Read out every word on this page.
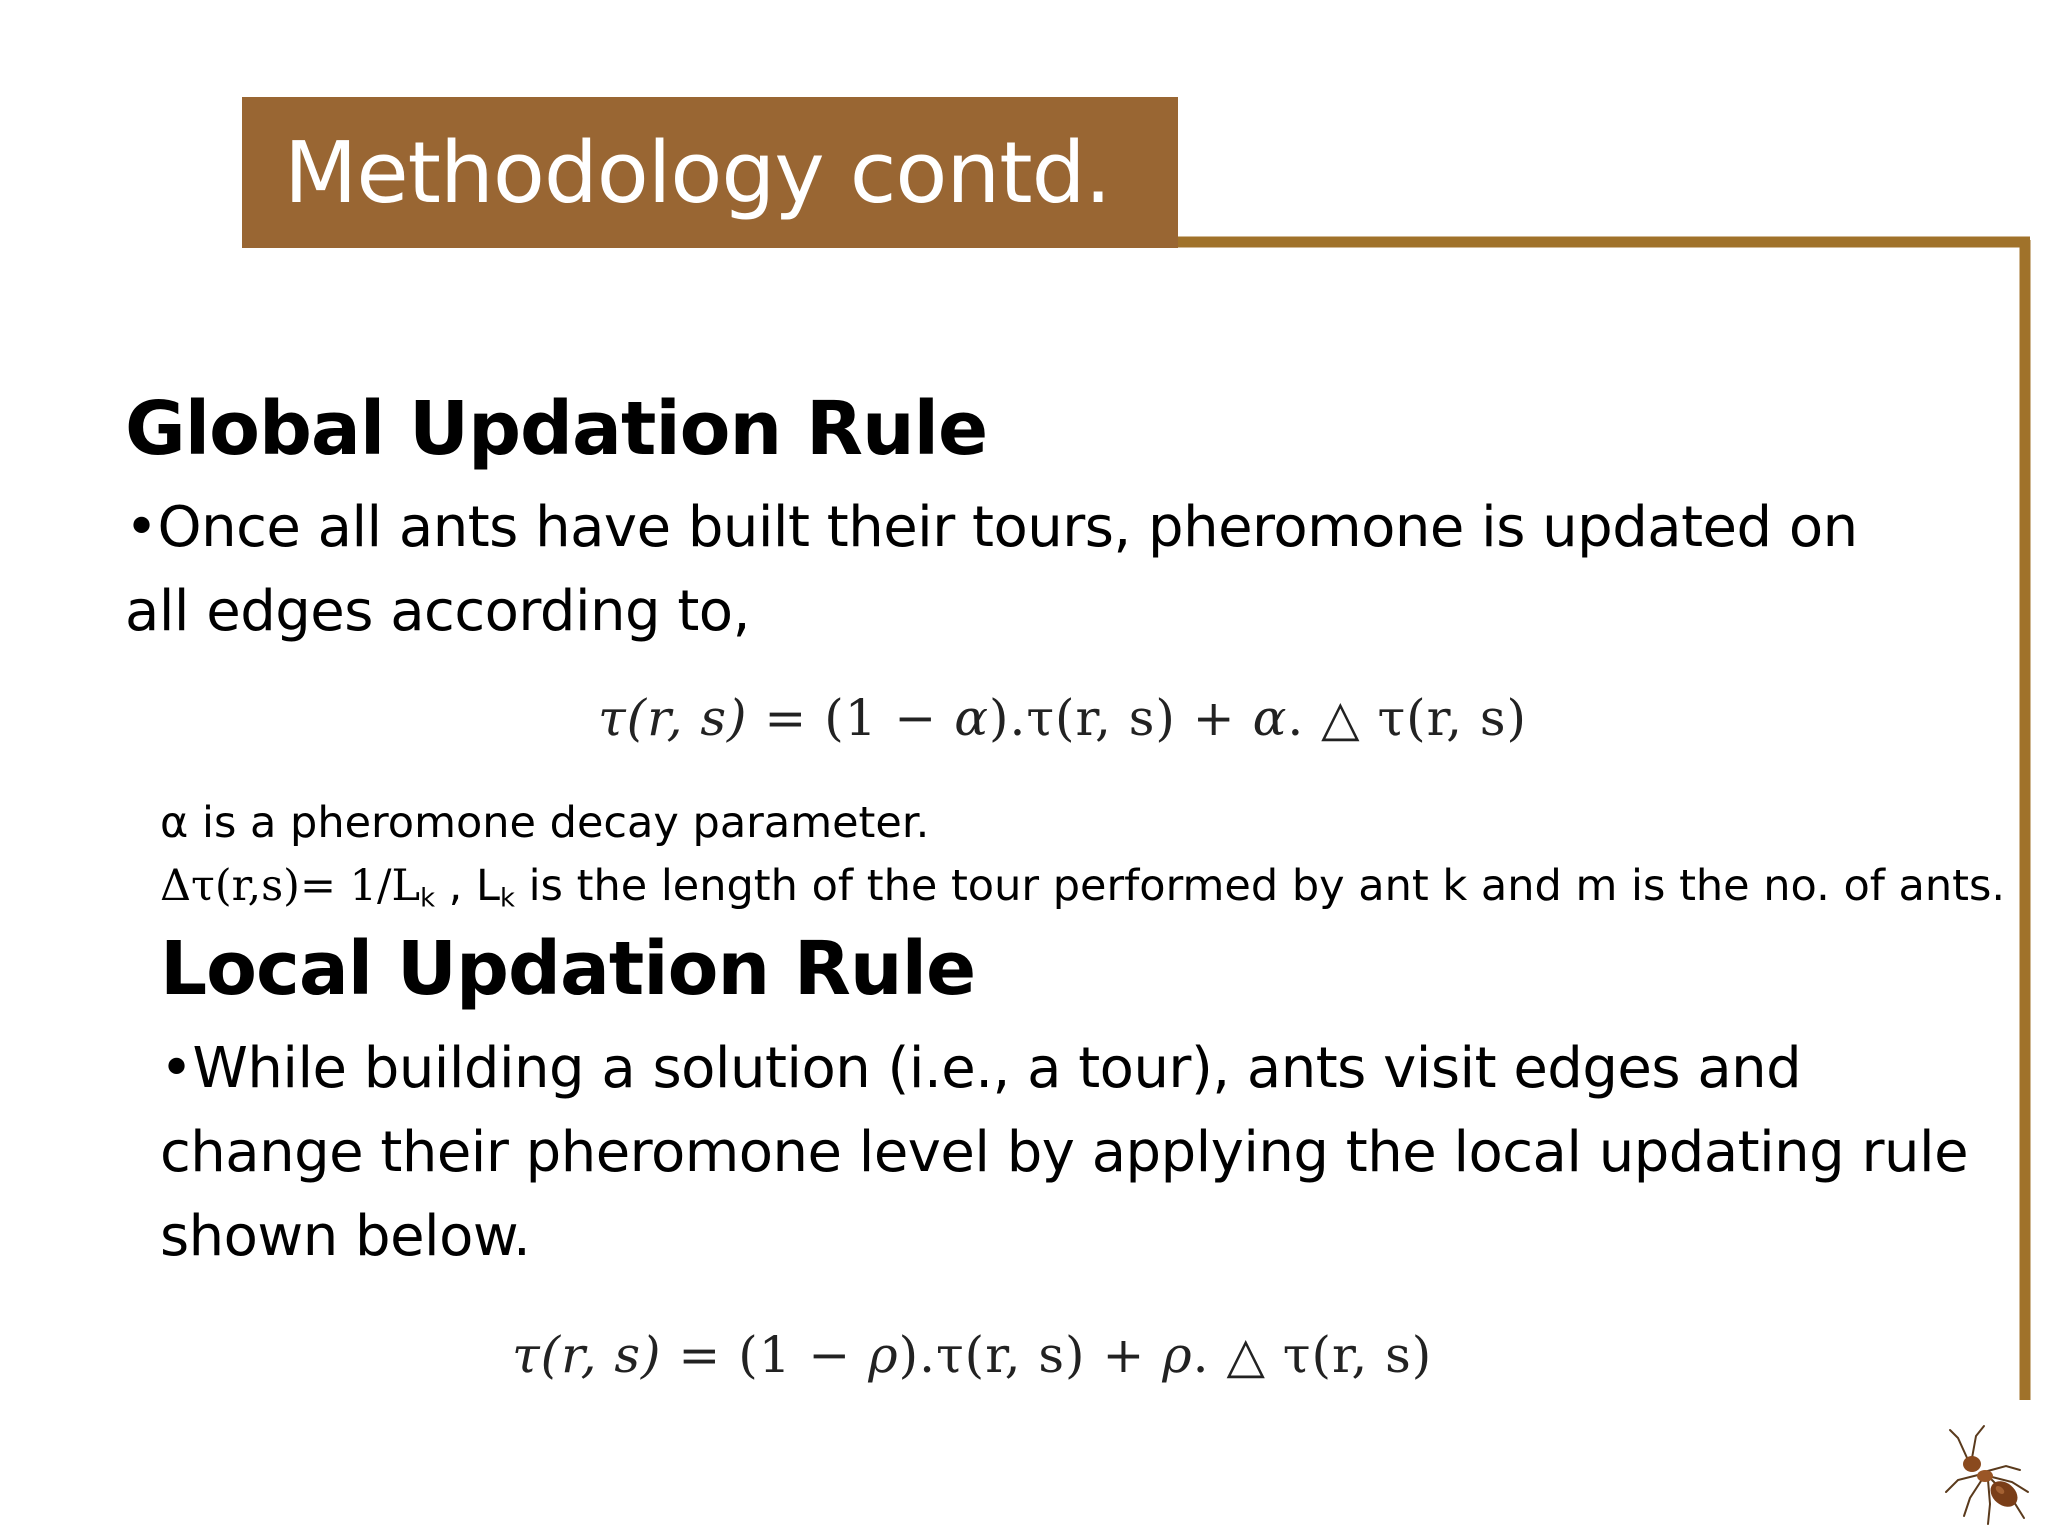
Methodology contd.
Global Updation Rule
•Once all ants have built their tours, pheromone is updated on
all edges according to,
τ(r, s) = (1 − α).τ(r, s) + α. △ τ(r, s)
α is a pheromone decay parameter.
$\Delta\tau(r,s)= 1/L_k$ , $L_k$ is the length of the tour performed by ant k and m is the no. of ants.
Local Updation Rule
•While building a solution (i.e., a tour), ants visit edges and
change their pheromone level by applying the local updating rule
shown below.
τ(r, s) = (1 − ρ).τ(r, s) + ρ. △ τ(r, s)
